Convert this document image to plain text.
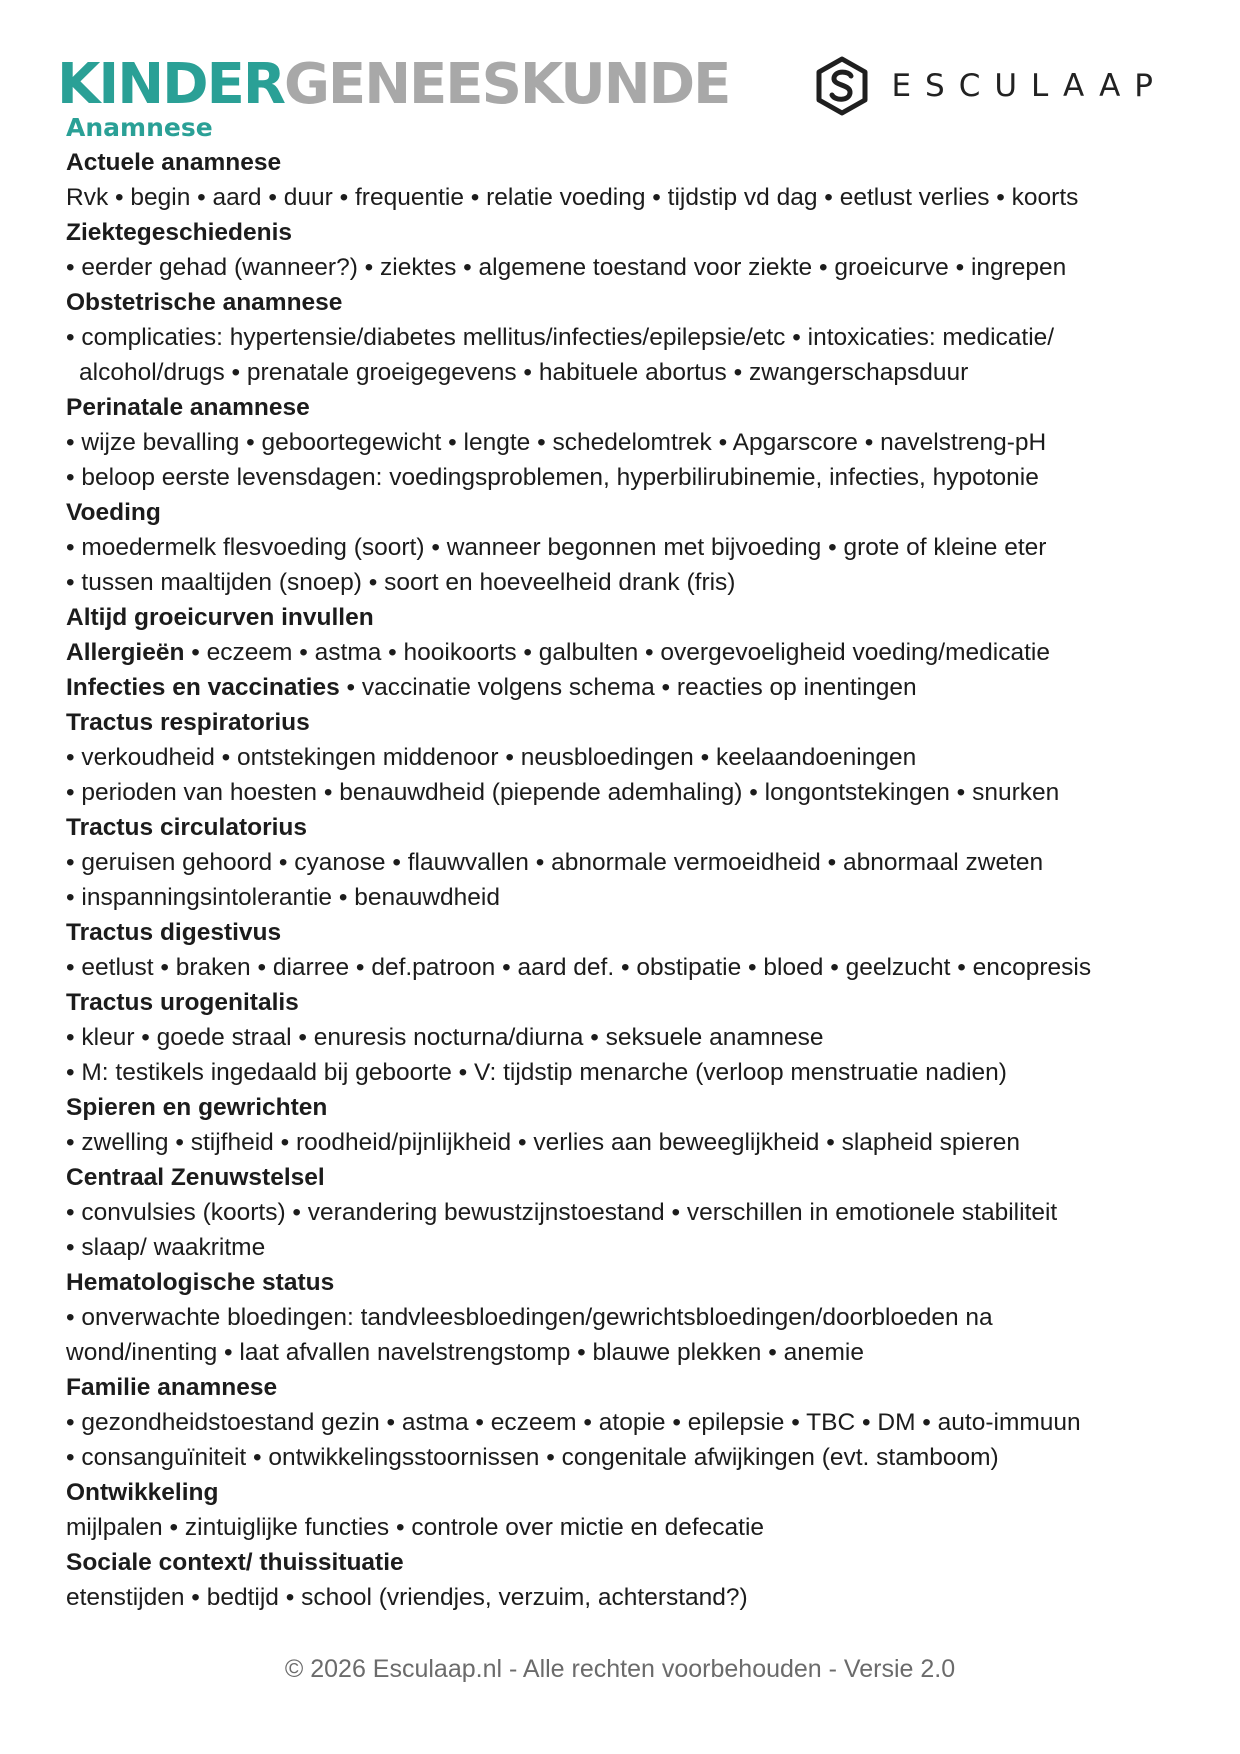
KINDERGENEESKUNDE	ESCULAAP
Anamnese
Actuele anamnese
Rvk • begin • aard • duur • frequentie • relatie voeding • tijdstip vd dag • eetlust verlies • koorts
Ziektegeschiedenis
• eerder gehad (wanneer?) • ziektes • algemene toestand voor ziekte • groeicurve • ingrepen
Obstetrische anamnese
• complicaties: hypertensie/diabetes mellitus/infecties/epilepsie/etc • intoxicaties: medicatie/
alcohol/drugs • prenatale groeigegevens • habituele abortus • zwangerschapsduur
Perinatale anamnese
• wijze bevalling • geboortegewicht • lengte • schedelomtrek • Apgarscore • navelstreng-pH
• beloop eerste levensdagen: voedingsproblemen, hyperbilirubinemie, infecties, hypotonie
Voeding
• moedermelk flesvoeding (soort) • wanneer begonnen met bijvoeding • grote of kleine eter
• tussen maaltijden (snoep) • soort en hoeveelheid drank (fris)
Altijd groeicurven invullen
Allergieën • eczeem • astma • hooikoorts • galbulten • overgevoeligheid voeding/medicatie
Infecties en vaccinaties • vaccinatie volgens schema • reacties op inentingen
Tractus respiratorius
• verkoudheid • ontstekingen middenoor • neusbloedingen • keelaandoeningen
• perioden van hoesten • benauwdheid (piepende ademhaling) • longontstekingen • snurken
Tractus circulatorius
• geruisen gehoord • cyanose • flauwvallen • abnormale vermoeidheid • abnormaal zweten
• inspanningsintolerantie • benauwdheid
Tractus digestivus
• eetlust • braken • diarree • def.patroon • aard def. • obstipatie • bloed • geelzucht • encopresis
Tractus urogenitalis
• kleur • goede straal • enuresis nocturna/diurna • seksuele anamnese
• M: testikels ingedaald bij geboorte • V: tijdstip menarche (verloop menstruatie nadien)
Spieren en gewrichten
• zwelling • stijfheid • roodheid/pijnlijkheid • verlies aan beweeglijkheid • slapheid spieren
Centraal Zenuwstelsel
• convulsies (koorts) • verandering bewustzijnstoestand • verschillen in emotionele stabiliteit
• slaap/ waakritme
Hematologische status
• onverwachte bloedingen: tandvleesbloedingen/gewrichtsbloedingen/doorbloeden na
wond/inenting • laat afvallen navelstrengstomp • blauwe plekken • anemie
Familie anamnese
• gezondheidstoestand gezin • astma • eczeem • atopie • epilepsie • TBC • DM • auto-immuun
• consanguïniteit • ontwikkelingsstoornissen • congenitale afwijkingen (evt. stamboom)
Ontwikkeling
mijlpalen • zintuiglijke functies • controle over mictie en defecatie
Sociale context/ thuissituatie
etenstijden • bedtijd • school (vriendjes, verzuim, achterstand?)
© 2026 Esculaap.nl - Alle rechten voorbehouden - Versie 2.0
